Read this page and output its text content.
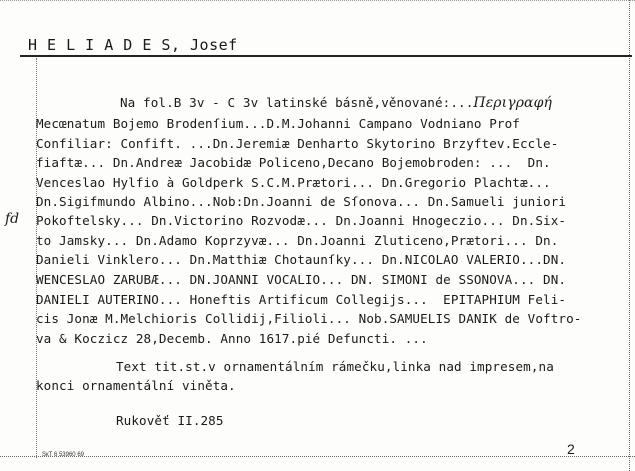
H E L I A D E S, Josef
fd
Na fol.B 3v - C 3v latinské básně,věnované:...Περιγραφή
Mecœnatum Bojemo Brodenſium...D.M.Johanni Campano Vodniano Prof
Confiliar: Confift. ...Dn.Jeremiæ Denharto Skytorino Brzyftev.Eccle-
fiaftæ... Dn.Andreæ Jacobidæ Policeno,Decano Bojemobroden: ...  Dn.
Venceslao Hylfio à Goldperk S.C.M.Prætori... Dn.Gregorio Plachtæ...
Dn.Sigifmundo Albino...Nob:Dn.Joanni de Sſonova... Dn.Samueli juniori
Pokoftelsky... Dn.Victorino Rozvodæ... Dn.Joanni Hnogeczio... Dn.Six-
to Jamsky... Dn.Adamo Koprzyvæ... Dn.Joanni Zluticeno,Prætori... Dn.
Danieli Vinklero... Dn.Matthiæ Chotaunſky... Dn.NICOLAO VALERIO...DN.
WENCESLAO ZARUBÆ... DN.JOANNI VOCALIO... DN. SIMONI de SSONOVA... DN.
DANIELI AUTERINO... Honeftis Artificum Collegijs...  EPITAPHIUM Feli-
cis Jonæ M.Melchioris Collidij,Filioli... Nob.SAMUELIS DANIK de Voftro-
va & Koczicz 28,Decemb. Anno 1617.pié Defuncti. ...
Text tit.st.v ornamentálním rámečku,linka nad impresem,na
konci ornamentální viněta.
Rukověť II.285
2
SкТ 6 53960 69
